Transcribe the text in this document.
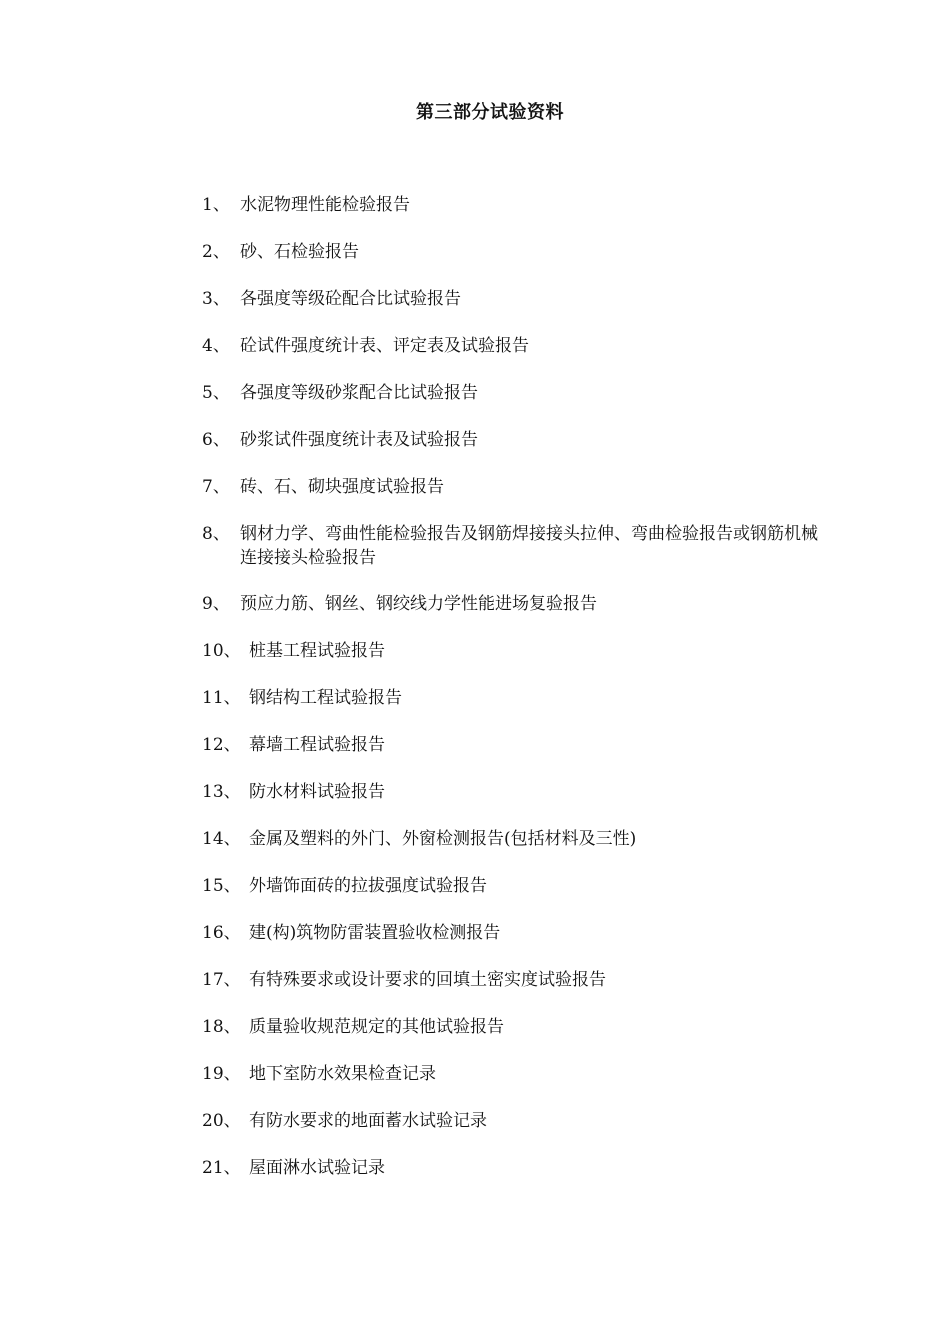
第三部分试验资料
1、 水泥物理性能检验报告
2、 砂、石检验报告
3、 各强度等级砼配合比试验报告
4、 砼试件强度统计表、评定表及试验报告
5、 各强度等级砂浆配合比试验报告
6、 砂浆试件强度统计表及试验报告
7、 砖、石、砌块强度试验报告
8、 钢材力学、弯曲性能检验报告及钢筋焊接接头拉伸、弯曲检验报告或钢筋机械连接接头检验报告
9、 预应力筋、钢丝、钢绞线力学性能进场复验报告
10、 桩基工程试验报告
11、 钢结构工程试验报告
12、 幕墙工程试验报告
13、 防水材料试验报告
14、 金属及塑料的外门、外窗检测报告(包括材料及三性)
15、 外墙饰面砖的拉拔强度试验报告
16、 建(构)筑物防雷装置验收检测报告
17、 有特殊要求或设计要求的回填土密实度试验报告
18、 质量验收规范规定的其他试验报告
19、 地下室防水效果检查记录
20、 有防水要求的地面蓄水试验记录
21、 屋面淋水试验记录
